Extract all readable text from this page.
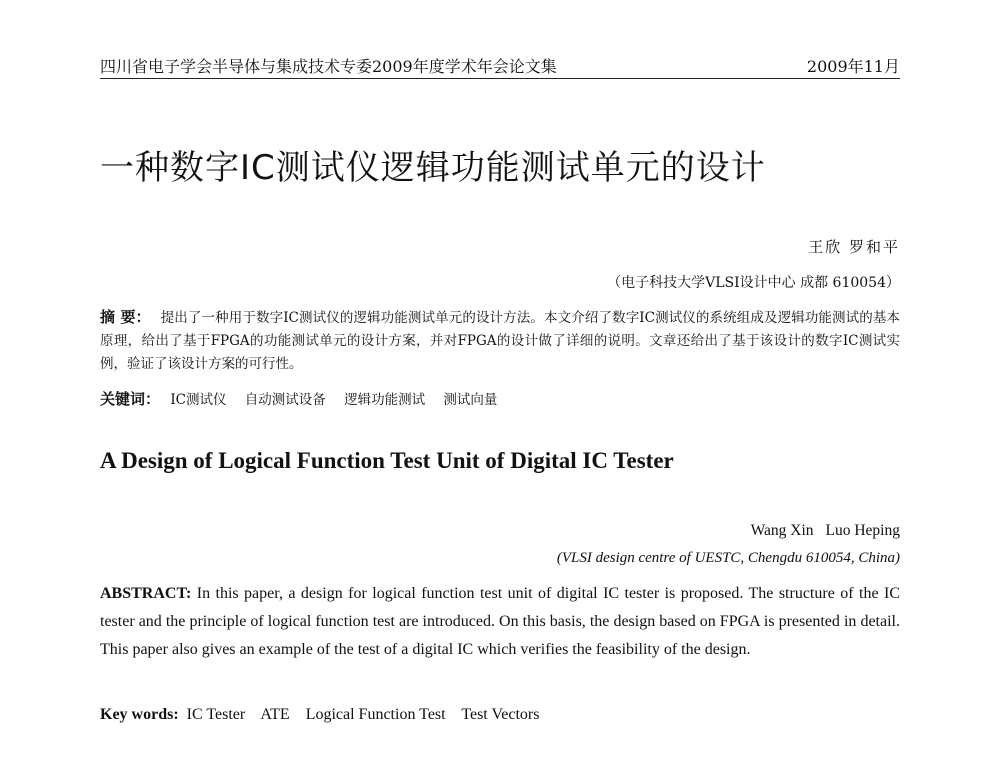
四川省电子学会半导体与集成技术专委2009年度学术年会论文集	2009年11月
一种数字IC测试仪逻辑功能测试单元的设计
王欣 罗和平
（电子科技大学VLSI设计中心 成都 610054）
摘 要： 提出了一种用于数字IC测试仪的逻辑功能测试单元的设计方法。本文介绍了数字IC测试仪的系统组成及逻辑功能测试的基本原理，给出了基于FPGA的功能测试单元的设计方案，并对FPGA的设计做了详细的说明。文章还给出了基于该设计的数字IC测试实例，验证了该设计方案的可行性。
关键词： IC测试仪 自动测试设备 逻辑功能测试 测试向量
A Design of Logical Function Test Unit of Digital IC Tester
Wang Xin Luo Heping
(VLSI design centre of UESTC, Chengdu 610054, China)
ABSTRACT: In this paper, a design for logical function test unit of digital IC tester is proposed. The structure of the IC tester and the principle of logical function test are introduced. On this basis, the design based on FPGA is presented in detail. This paper also gives an example of the test of a digital IC which verifies the feasibility of the design.
Key words: IC Tester ATE Logical Function Test Test Vectors
